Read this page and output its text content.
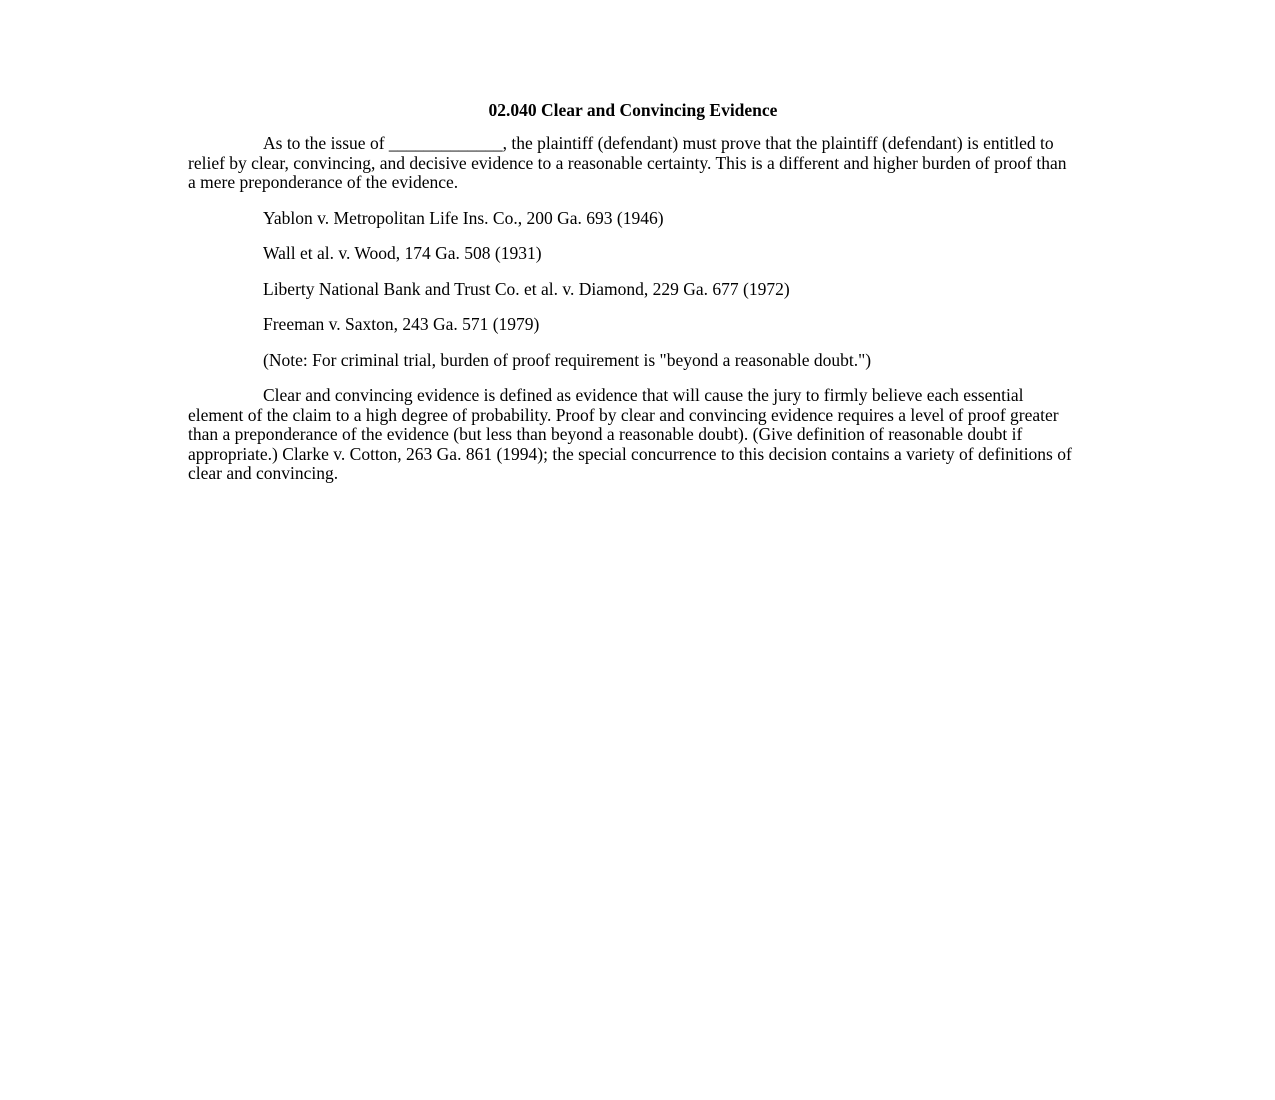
02.040 Clear and Convincing Evidence
As to the issue of _____________, the plaintiff (defendant) must prove that the plaintiff (defendant) is entitled to relief by clear, convincing, and decisive evidence to a reasonable certainty. This is a different and higher burden of proof than a mere preponderance of the evidence.
Yablon v. Metropolitan Life Ins. Co., 200 Ga. 693 (1946)
Wall et al. v. Wood, 174 Ga. 508 (1931)
Liberty National Bank and Trust Co. et al. v. Diamond, 229 Ga. 677 (1972)
Freeman v. Saxton, 243 Ga. 571 (1979)
(Note: For criminal trial, burden of proof requirement is "beyond a reasonable doubt.")
Clear and convincing evidence is defined as evidence that will cause the jury to firmly believe each essential element of the claim to a high degree of probability. Proof by clear and convincing evidence requires a level of proof greater than a preponderance of the evidence (but less than beyond a reasonable doubt). (Give definition of reasonable doubt if appropriate.) Clarke v. Cotton, 263 Ga. 861 (1994); the special concurrence to this decision contains a variety of definitions of clear and convincing.
